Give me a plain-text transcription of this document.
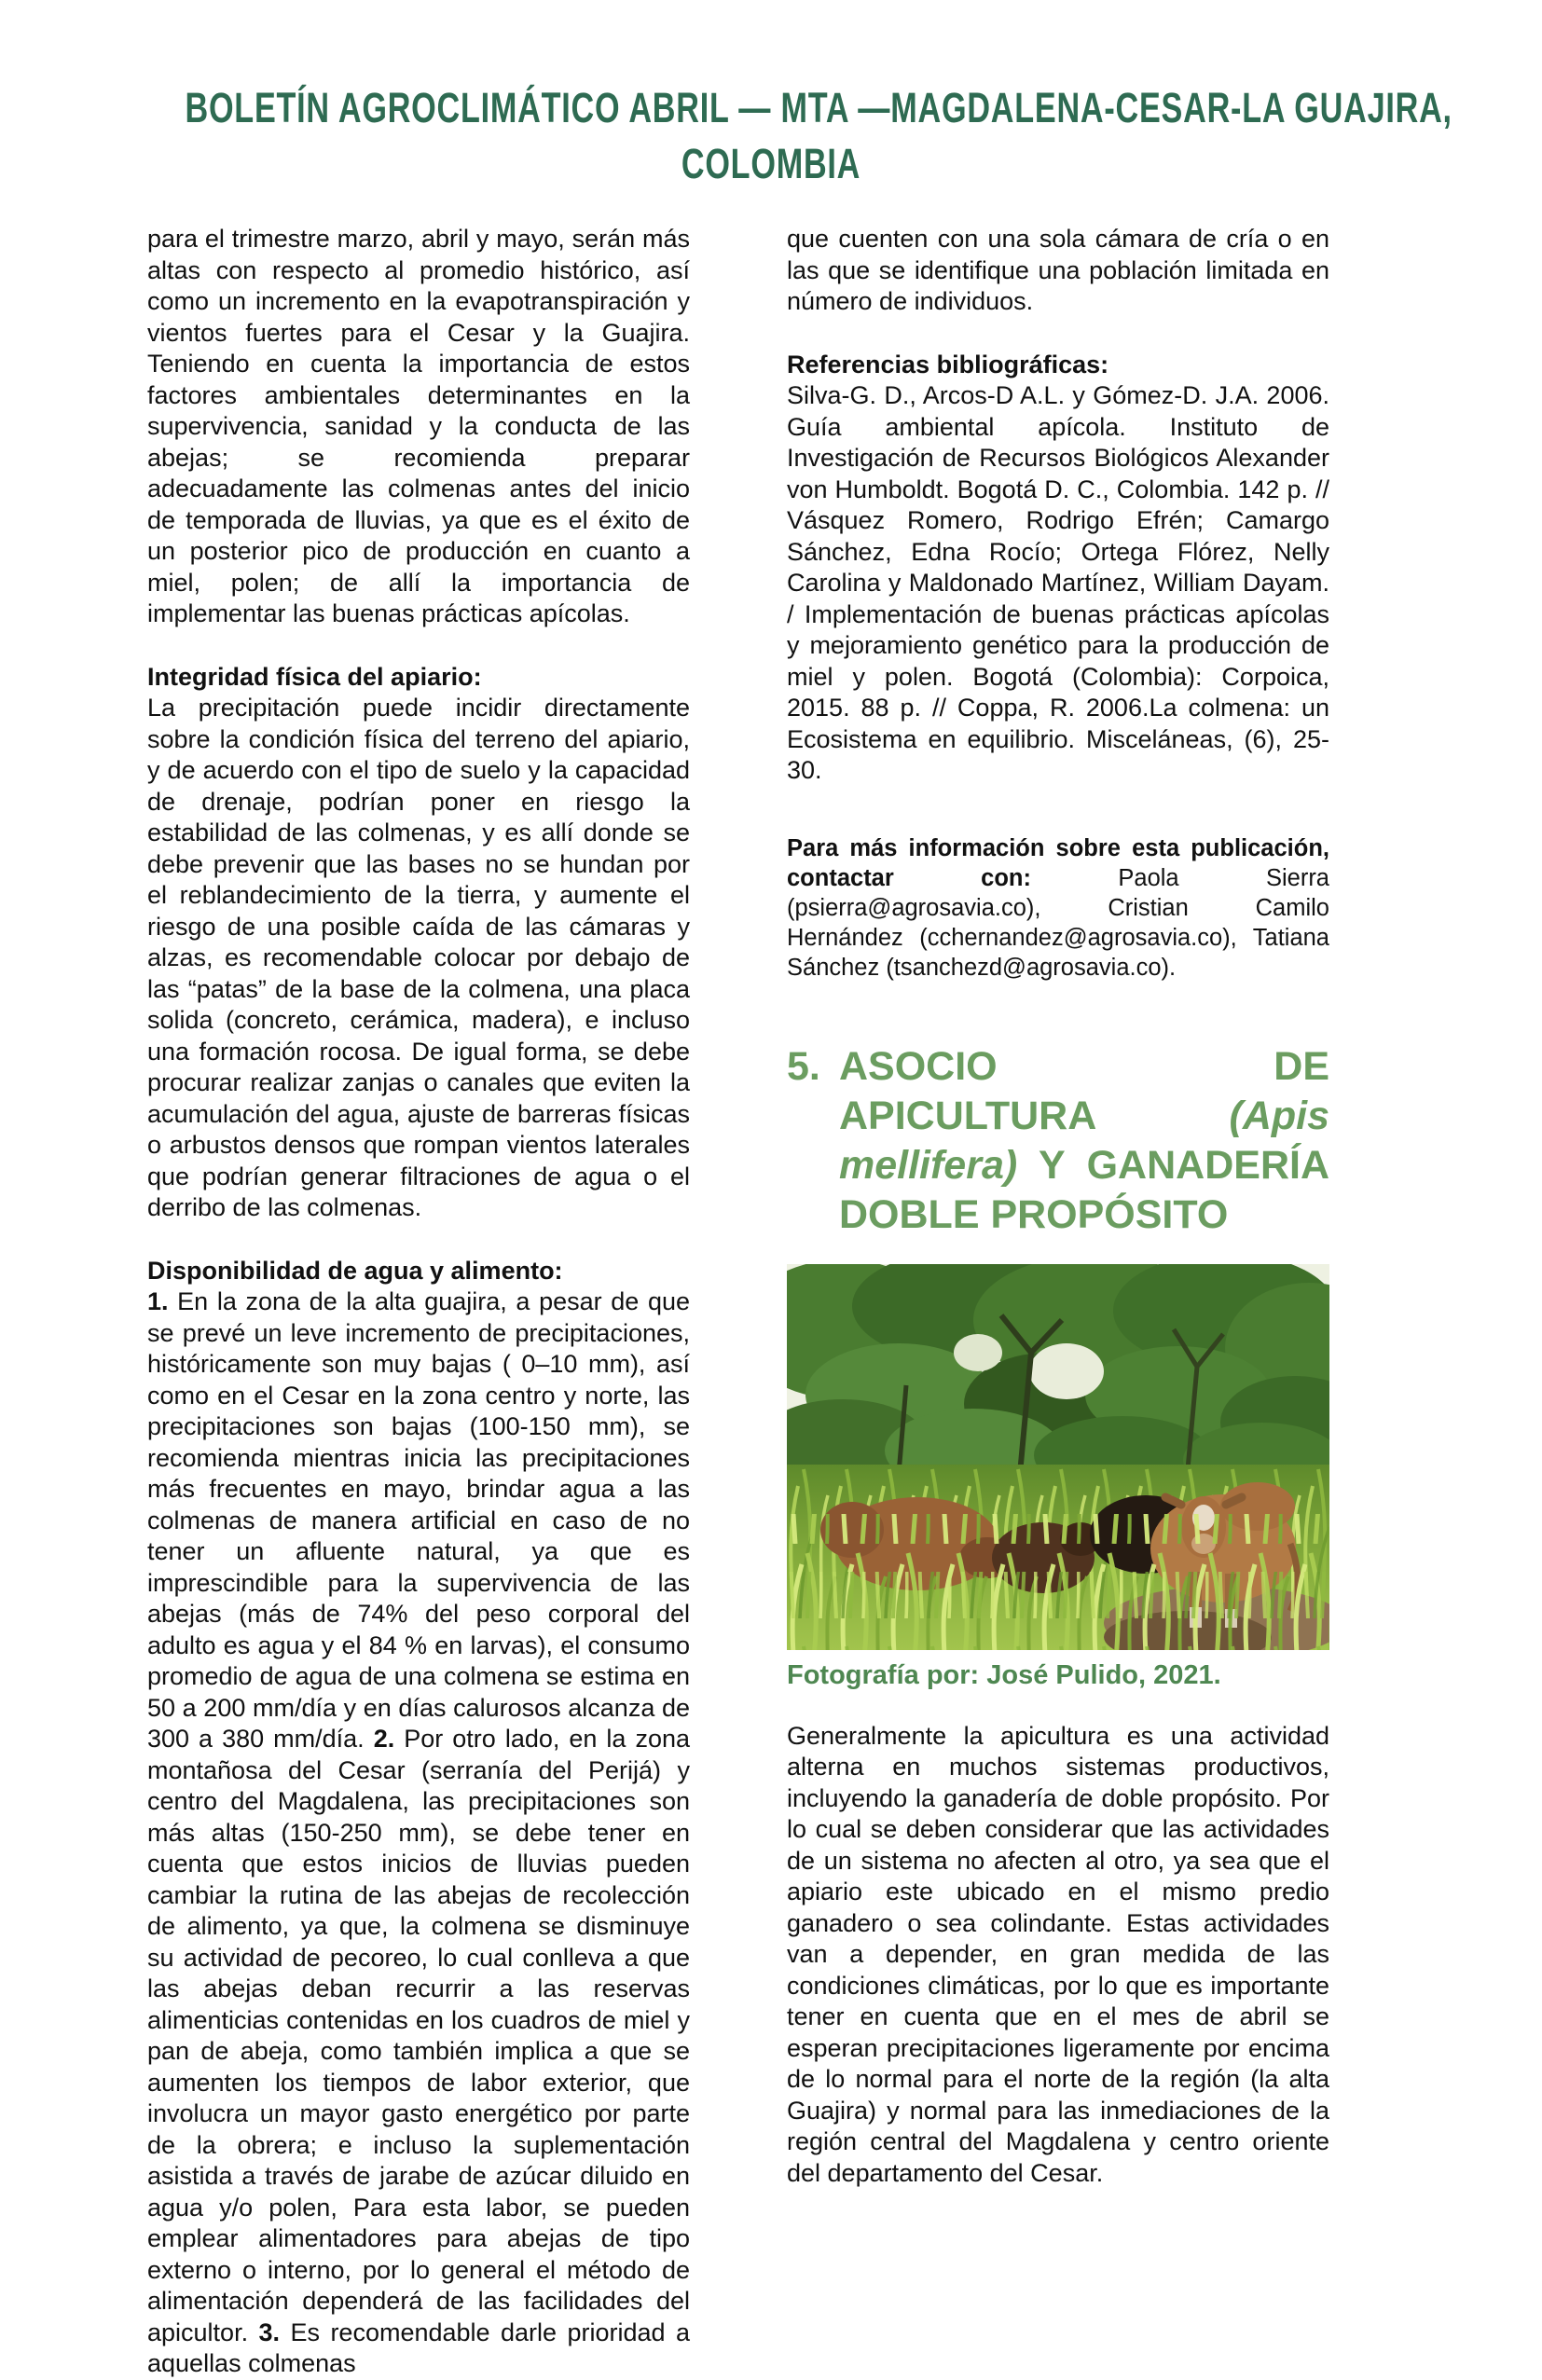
BOLETÍN AGROCLIMÁTICO ABRIL — MTA —MAGDALENA-CESAR-LA GUAJIRA,
COLOMBIA

para el trimestre marzo, abril y mayo, serán más altas con respecto al promedio histórico, así como un incremento en la evapotranspiración y vientos fuertes para el Cesar y la Guajira. Teniendo en cuenta la importancia de estos factores ambientales determinantes en la supervivencia, sanidad y la conducta de las abejas; se recomienda preparar adecuadamente las colmenas antes del inicio de temporada de lluvias, ya que es el éxito de un posterior pico de producción en cuanto a miel, polen; de allí la importancia de implementar las buenas prácticas apícolas.

Integridad física del apiario:

La precipitación puede incidir directamente sobre la condición física del terreno del apiario, y de acuerdo con el tipo de suelo y la capacidad de drenaje, podrían poner en riesgo la estabilidad de las colmenas, y es allí donde se debe prevenir que las bases no se hundan por el reblandecimiento de la tierra, y aumente el riesgo de una posible caída de las cámaras y alzas, es recomendable colocar por debajo de las “patas” de la base de la colmena, una placa solida (concreto, cerámica, madera), e incluso una formación rocosa. De igual forma, se debe procurar realizar zanjas o canales que eviten la acumulación del agua, ajuste de barreras físicas o arbustos densos que rompan vientos laterales que podrían generar filtraciones de agua o el derribo de las colmenas.

Disponibilidad de agua y alimento:

1. En la zona de la alta guajira, a pesar de que se prevé un leve incremento de precipitaciones, históricamente son muy bajas ( 0–10 mm), así como en el Cesar en la zona centro y norte, las precipitaciones son bajas (100-150 mm), se recomienda mientras inicia las precipitaciones más frecuentes en mayo, brindar agua a las colmenas de manera artificial en caso de no tener un afluente natural, ya que es imprescindible para la supervivencia de las abejas (más de 74% del peso corporal del adulto es agua y el 84 % en larvas), el consumo promedio de agua de una colmena se estima en 50 a 200 mm/día y en días calurosos alcanza de 300 a 380 mm/día. 2. Por otro lado, en la zona montañosa del Cesar (serranía del Perijá) y centro del Magdalena, las precipitaciones son más altas (150-250 mm), se debe tener en cuenta que estos inicios de lluvias pueden cambiar la rutina de las abejas de recolección de alimento, ya que, la colmena se disminuye su actividad de pecoreo, lo cual conlleva a que las abejas deban recurrir a las reservas alimenticias contenidas en los cuadros de miel y pan de abeja, como también implica a que se aumenten los tiempos de labor exterior, que involucra un mayor gasto energético por parte de la obrera; e incluso la suplementación asistida a través de jarabe de azúcar diluido en agua y/o polen, Para esta labor, se pueden emplear alimentadores para abejas de tipo externo o interno, por lo general el método de alimentación dependerá de las facilidades del apicultor. 3. Es recomendable darle prioridad a aquellas colmenas

que cuenten con una sola cámara de cría o en las que se identifique una población limitada en número de individuos.

Referencias bibliográficas:

Silva-G. D., Arcos-D A.L. y Gómez-D. J.A. 2006. Guía ambiental apícola. Instituto de Investigación de Recursos Biológicos Alexander von Humboldt. Bogotá D. C., Colombia. 142 p. // Vásquez Romero, Rodrigo Efrén; Camargo Sánchez, Edna Rocío; Ortega Flórez, Nelly Carolina y Maldonado Martínez, William Dayam. / Implementación de buenas prácticas apícolas y mejoramiento genético para la producción de miel y polen. Bogotá (Colombia): Corpoica, 2015. 88 p. // Coppa, R. 2006.La colmena: un Ecosistema en equilibrio. Misceláneas, (6), 25-30.

Para más información sobre esta publicación, contactar con: Paola Sierra (psierra@agrosavia.co), Cristian Camilo Hernández (cchernandez@agrosavia.co), Tatiana Sánchez (tsanchezd@agrosavia.co).

5. ASOCIO DE APICULTURA (Apis mellifera) Y GANADERÍA DOBLE PROPÓSITO
Fotografía por: José Pulido, 2021.

Generalmente la apicultura es una actividad alterna en muchos sistemas productivos, incluyendo la ganadería de doble propósito. Por lo cual se deben considerar que las actividades de un sistema no afecten al otro, ya sea que el apiario este ubicado en el mismo predio ganadero o sea colindante. Estas actividades van a depender, en gran medida de las condiciones climáticas, por lo que es importante tener en cuenta que en el mes de abril se esperan precipitaciones ligeramente por encima de lo normal para el norte de la región (la alta Guajira) y normal para las inmediaciones de la región central del Magdalena y centro oriente del departamento del Cesar.
